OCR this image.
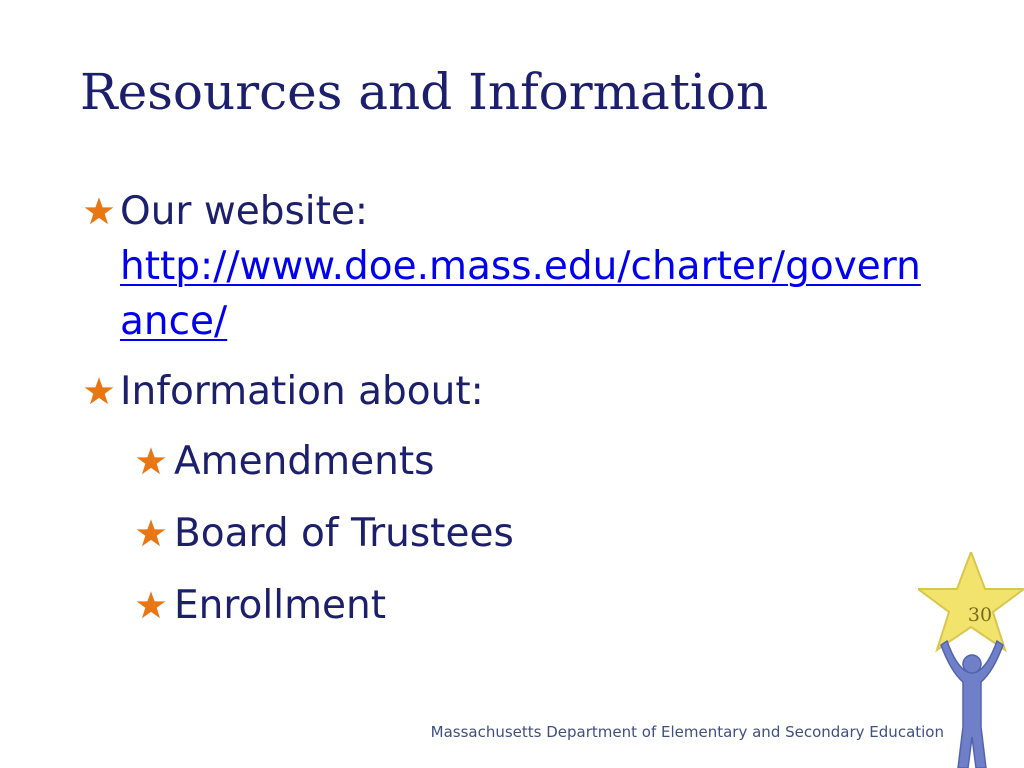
Resources and Information
Our website:
http://www.doe.mass.edu/charter/governance/
Information about:
Amendments
Board of Trustees
Enrollment
Massachusetts Department of Elementary and Secondary Education
30
